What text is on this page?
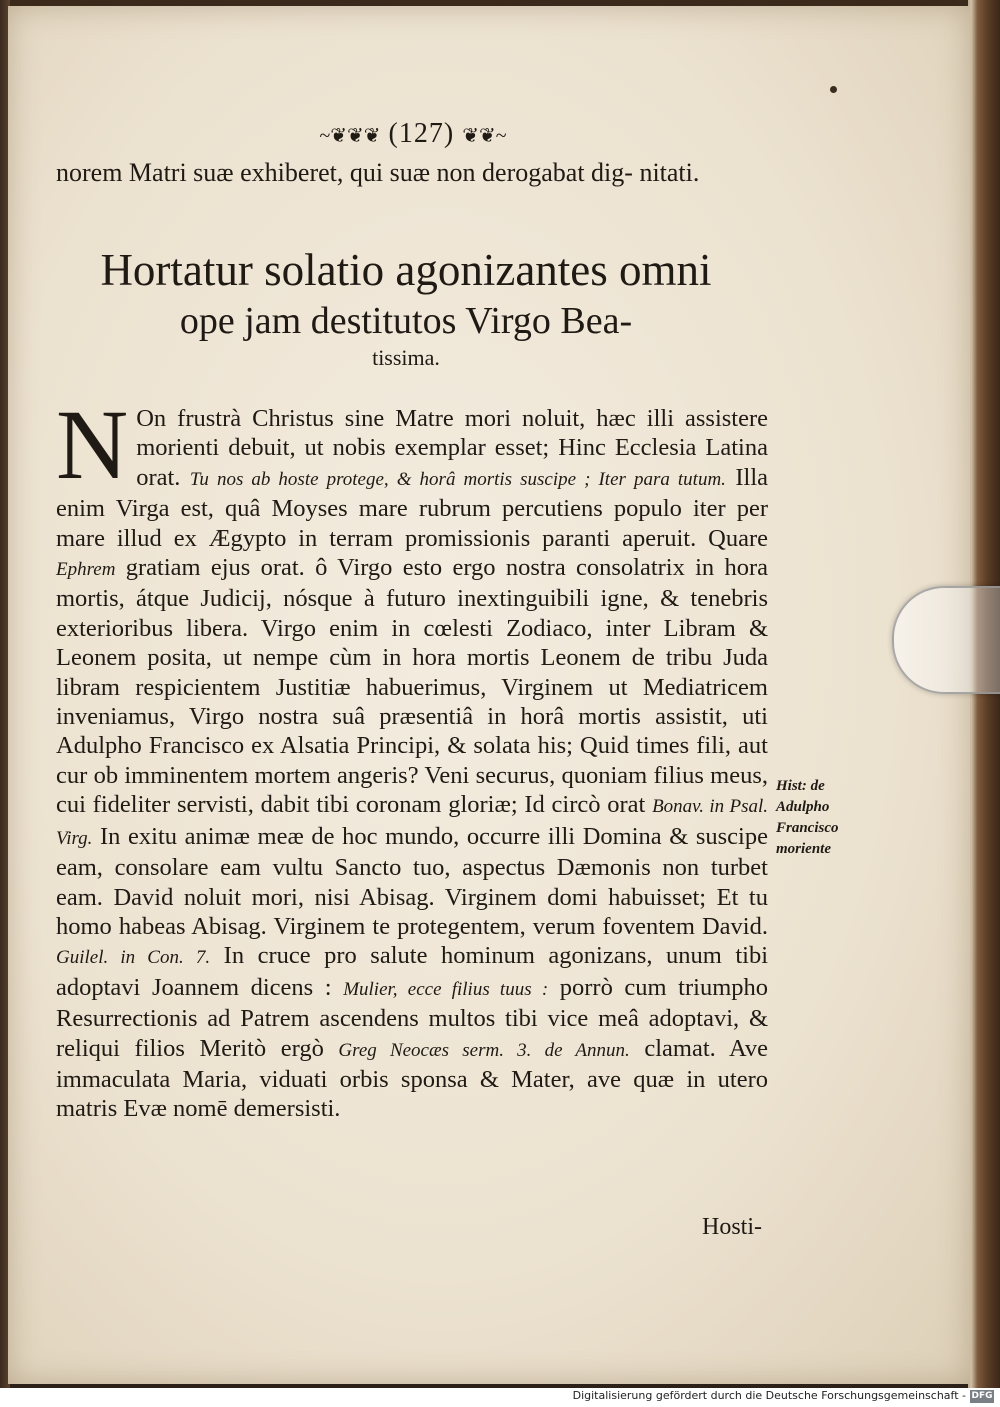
~❦❦❦ (127) ❦❦~
norem Matri suæ exhiberet, qui suæ non derogabat dig- nitati.
Hortatur solatio agonizantes omni
ope jam destitutos Virgo Bea-

tissima.
N On frustrà Christus sine Matre mori noluit, hæc illi assistere morienti debuit, ut nobis exemplar esset; Hinc Ecclesia Latina orat. Tu nos ab hoste protege, & horâ mortis suscipe ; Iter para tutum. Illa enim Virga est, quâ Moyses mare rubrum percutiens populo iter per mare illud ex Ægypto in terram promissionis paranti aperuit. Quare Ephrem gratiam ejus orat. ô Virgo esto ergo nostra consolatrix in hora mortis, átque Judicij, nósque à futuro inextinguibili igne, & tenebris exterioribus libera. Virgo enim in cœlesti Zodiaco, inter Libram & Leonem posita, ut nempe cùm in hora mortis Leonem de tribu Juda libram respicientem Justitiæ habuerimus, Virginem ut Mediatricem inveniamus, Virgo nostra suâ præsentiâ in horâ mortis assistit, uti Adulpho Francisco ex Alsatia Principi, & solata his; Quid times fili, aut cur ob imminentem mortem angeris? Veni securus, quoniam filius meus, cui fideliter servisti, dabit tibi coronam gloriæ; Id circò orat Bonav. in Psal. Virg. In exitu animæ meæ de hoc mundo, occurre illi Domina & suscipe eam, consolare eam vultu Sancto tuo, aspectus Dæmonis non turbet eam. David noluit mori, nisi Abisag. Virginem domi habuisset; Et tu homo habeas Abisag. Virginem te protegentem, verum foventem David. Guilel. in Con. 7. In cruce pro salute hominum agonizans, unum tibi adoptavi Joannem dicens : Mulier, ecce filius tuus : porrò cum triumpho Resurrectionis ad Patrem ascendens multos tibi vice meâ adoptavi, & reliqui filios Meritò ergò Greg Neocæs serm. 3. de Annun. clamat. Ave immaculata Maria, viduati orbis sponsa & Mater, ave quæ in utero matris Evæ nomē demersisti.
Hist: de Adulpho Francisco moriente
Hosti-
Digitalisierung gefördert durch die Deutsche Forschungsgemeinschaft - DFG
